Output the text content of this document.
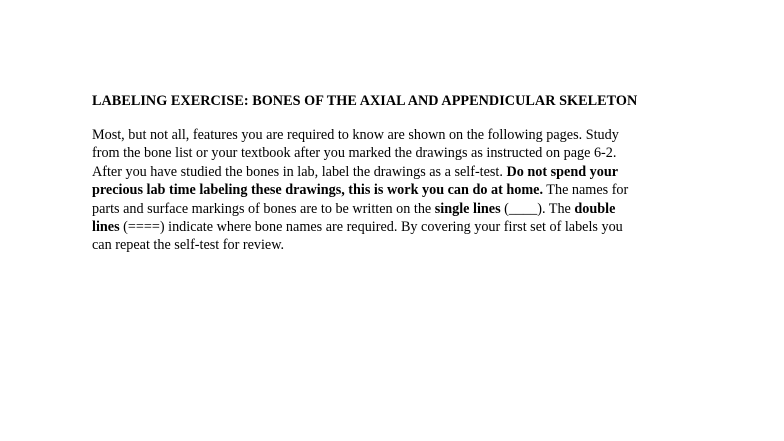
LABELING EXERCISE: BONES OF THE AXIAL AND APPENDICULAR SKELETON
Most, but not all, features you are required to know are shown on the following pages. Study
from the bone list or your textbook after you marked the drawings as instructed on page 6-2.
After you have studied the bones in lab, label the drawings as a self-test. Do not spend your
precious lab time labeling these drawings, this is work you can do at home. The names for
parts and surface markings of bones are to be written on the single lines (____). The double
lines (====) indicate where bone names are required. By covering your first set of labels you
can repeat the self-test for review.
